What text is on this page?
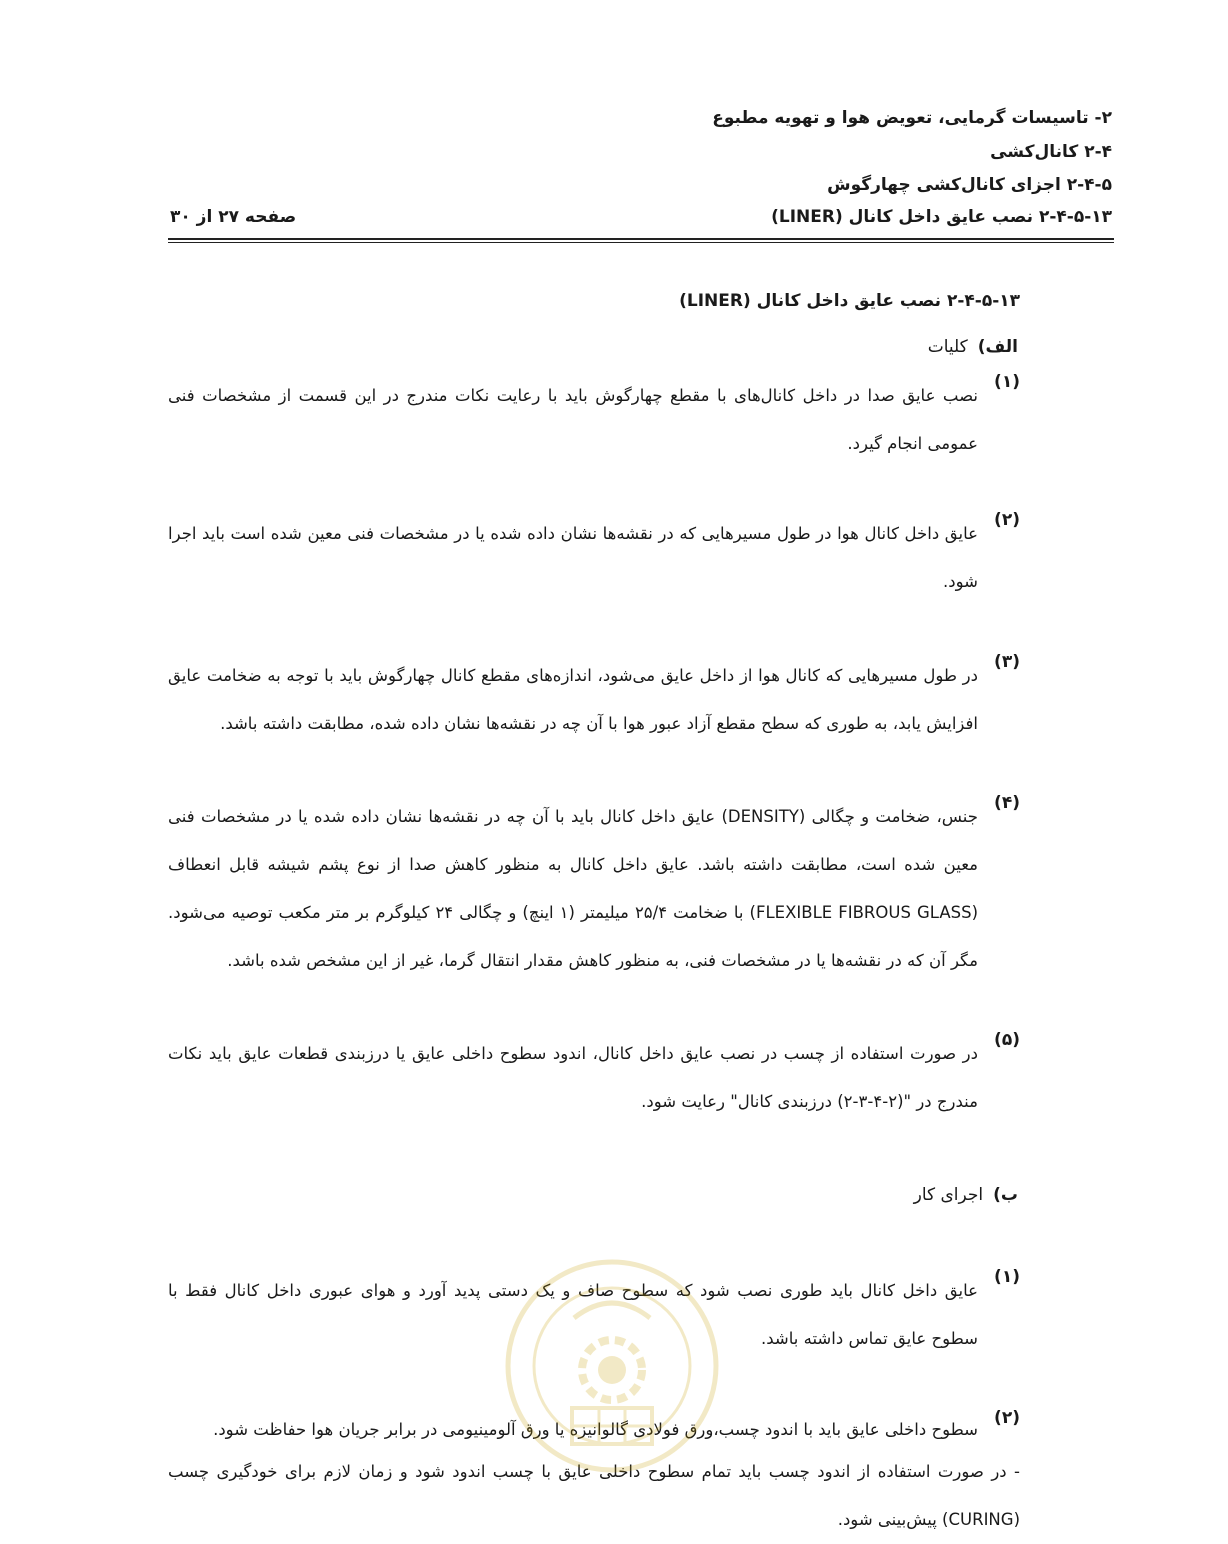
۲- تاسیسات گرمایی، تعویض هوا و تهویه مطبوع
۲-۴ کانال‌کشی
۲-۴-۵ اجزای کانال‌کشی چهارگوش
۲-۴-۵-۱۳ نصب عایق داخل کانال (LINER)
صفحه ۲۷ از ۳۰
۲-۴-۵-۱۳ نصب عایق داخل کانال (LINER)
الف)کلیات
(۱)
نصب عایق صدا در داخل کانال‌های با مقطع چهارگوش باید با رعایت نکات مندرج در این قسمت از مشخصات فنی عمومی انجام گیرد.
(۲)
عایق داخل کانال هوا در طول مسیرهایی که در نقشه‌ها نشان داده شده یا در مشخصات فنی معین شده است باید اجرا شود.
(۳)
در طول مسیرهایی که کانال هوا از داخل عایق می‌شود، اندازه‌های مقطع کانال چهارگوش باید با توجه به ضخامت عایق افزایش یابد، به طوری که سطح مقطع آزاد عبور هوا با آن چه در نقشه‌ها نشان داده شده، مطابقت داشته باشد.
(۴)
جنس، ضخامت و چگالی (DENSITY) عایق داخل کانال باید با آن چه در نقشه‌ها نشان داده شده یا در مشخصات فنی معین شده است، مطابقت داشته باشد. عایق داخل کانال به منظور کاهش صدا از نوع پشم شیشه قابل انعطاف (FLEXIBLE FIBROUS GLASS) با ضخامت ۲۵/۴ میلیمتر (۱ اینچ) و چگالی ۲۴ کیلوگرم بر متر مکعب توصیه می‌شود. مگر آن که در نقشه‌ها یا در مشخصات فنی، به منظور کاهش مقدار انتقال گرما، غیر از این مشخص شده باشد.
(۵)
در صورت استفاده از چسب در نصب عایق داخل کانال، اندود سطوح داخلی عایق یا درزبندی قطعات عایق باید نکات مندرج در "(۲-۴-۳-۲) درزبندی کانال" رعایت شود.
ب)اجرای کار
(۱)
عایق داخل کانال باید طوری نصب شود که سطوح صاف و یک دستی پدید آورد و هوای عبوری داخل کانال فقط با سطوح عایق تماس داشته باشد.
(۲)
سطوح داخلی عایق باید با اندود چسب،ورق فولادی گالوانیزه یا ورق آلومینیومی در برابر جریان هوا حفاظت شود.
- در صورت استفاده از اندود چسب باید تمام سطوح داخلی عایق با چسب اندود شود و زمان لازم برای خودگیری چسب (CURING) پیش‌بینی شود.
